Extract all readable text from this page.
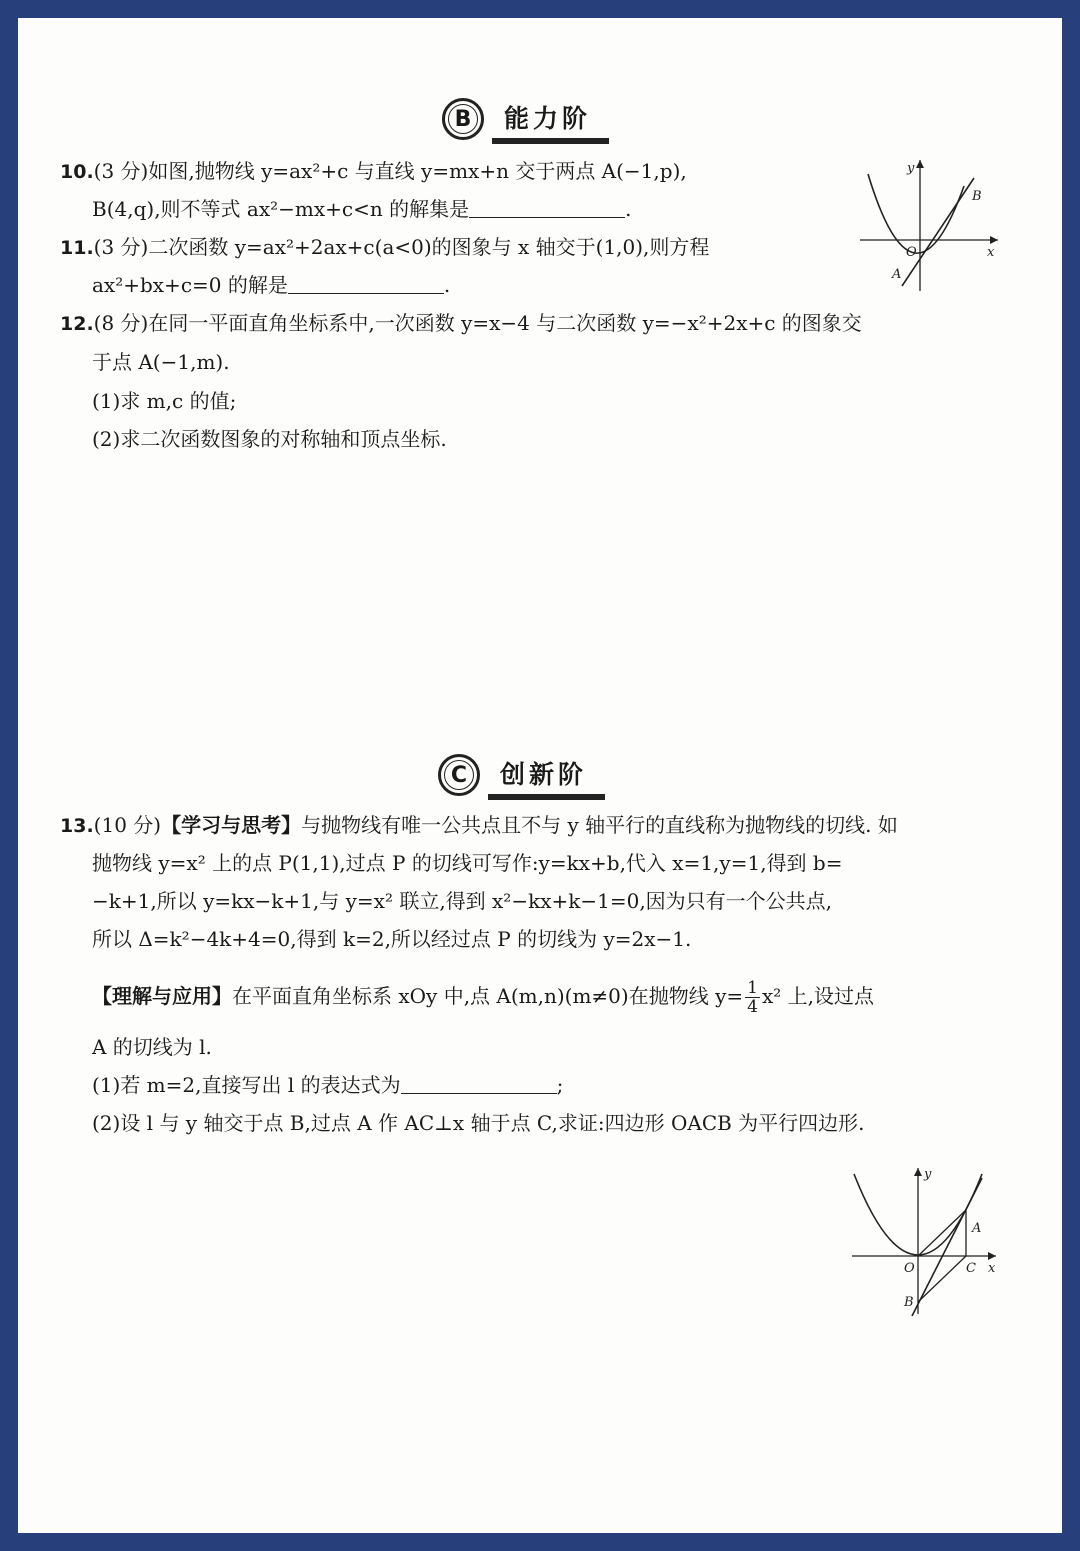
B	能力阶
10.(3 分)如图,抛物线 y=ax²+c 与直线 y=mx+n 交于两点 A(−1,p),
B(4,q),则不等式 ax²−mx+c<n 的解集是	.
11.(3 分)二次函数 y=ax²+2ax+c(a<0)的图象与 x 轴交于(1,0),则方程
ax²+bx+c=0 的解是	.
y
x
O
A
B
12.(8 分)在同一平面直角坐标系中,一次函数 y=x−4 与二次函数 y=−x²+2x+c 的图象交
于点 A(−1,m).
(1)求 m,c 的值;
(2)求二次函数图象的对称轴和顶点坐标.
C	创新阶
13.(10 分)【学习与思考】与抛物线有唯一公共点且不与 y 轴平行的直线称为抛物线的切线. 如
抛物线 y=x² 上的点 P(1,1),过点 P 的切线可写作:y=kx+b,代入 x=1,y=1,得到 b=
−k+1,所以 y=kx−k+1,与 y=x² 联立,得到 x²−kx+k−1=0,因为只有一个公共点,
所以 Δ=k²−4k+4=0,得到 k=2,所以经过点 P 的切线为 y=2x−1.
【理解与应用】在平面直角坐标系 xOy 中,点 A(m,n)(m≠0)在抛物线 $y= \frac{1}{4} x^2$ 上,设过点
A 的切线为 l.
(1)若 m=2,直接写出 l 的表达式为	;
(2)设 l 与 y 轴交于点 B,过点 A 作 AC⊥x 轴于点 C,求证:四边形 OACB 为平行四边形.
y
x
O
A
B
C
